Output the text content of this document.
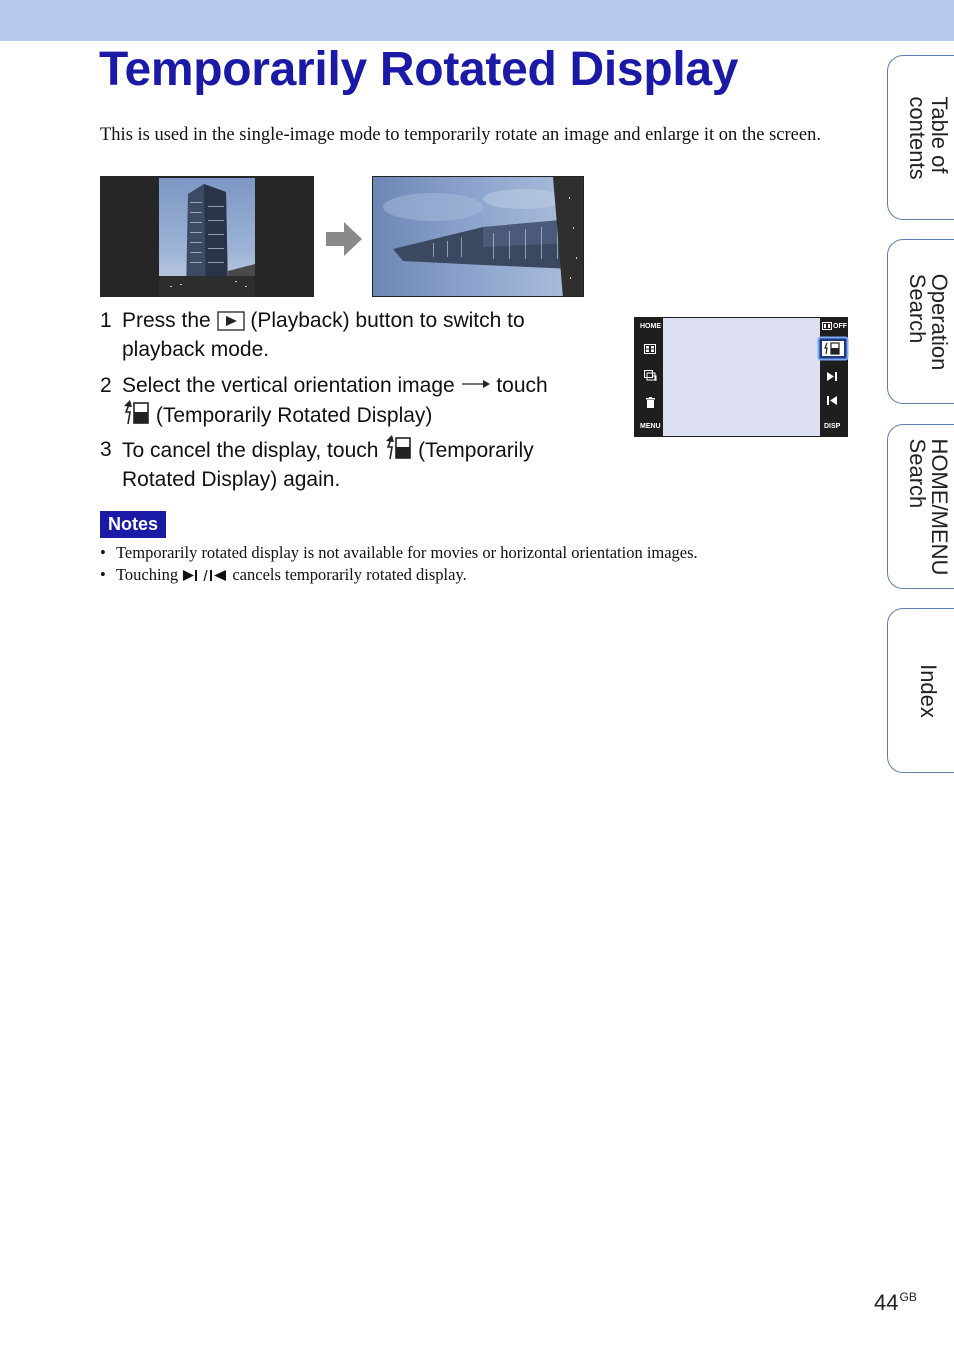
Temporarily Rotated Display
This is used in the single-image mode to temporarily rotate an image and enlarge it on the screen.
1 Press the  (Playback) button to switch to
playback mode.
2 Select the vertical orientation image  touch
(Temporarily Rotated Display)
3 To cancel the display, touch  (Temporarily
Rotated Display) again.
HOME
MENU
OFF
DISP
Notes
• Temporarily rotated display is not available for movies or horizontal orientation images.
• Touching	cancels temporarily rotated display.
Table of
contents
Operation
Search
HOME/MENU
Search
Index
$44^{GB}$
